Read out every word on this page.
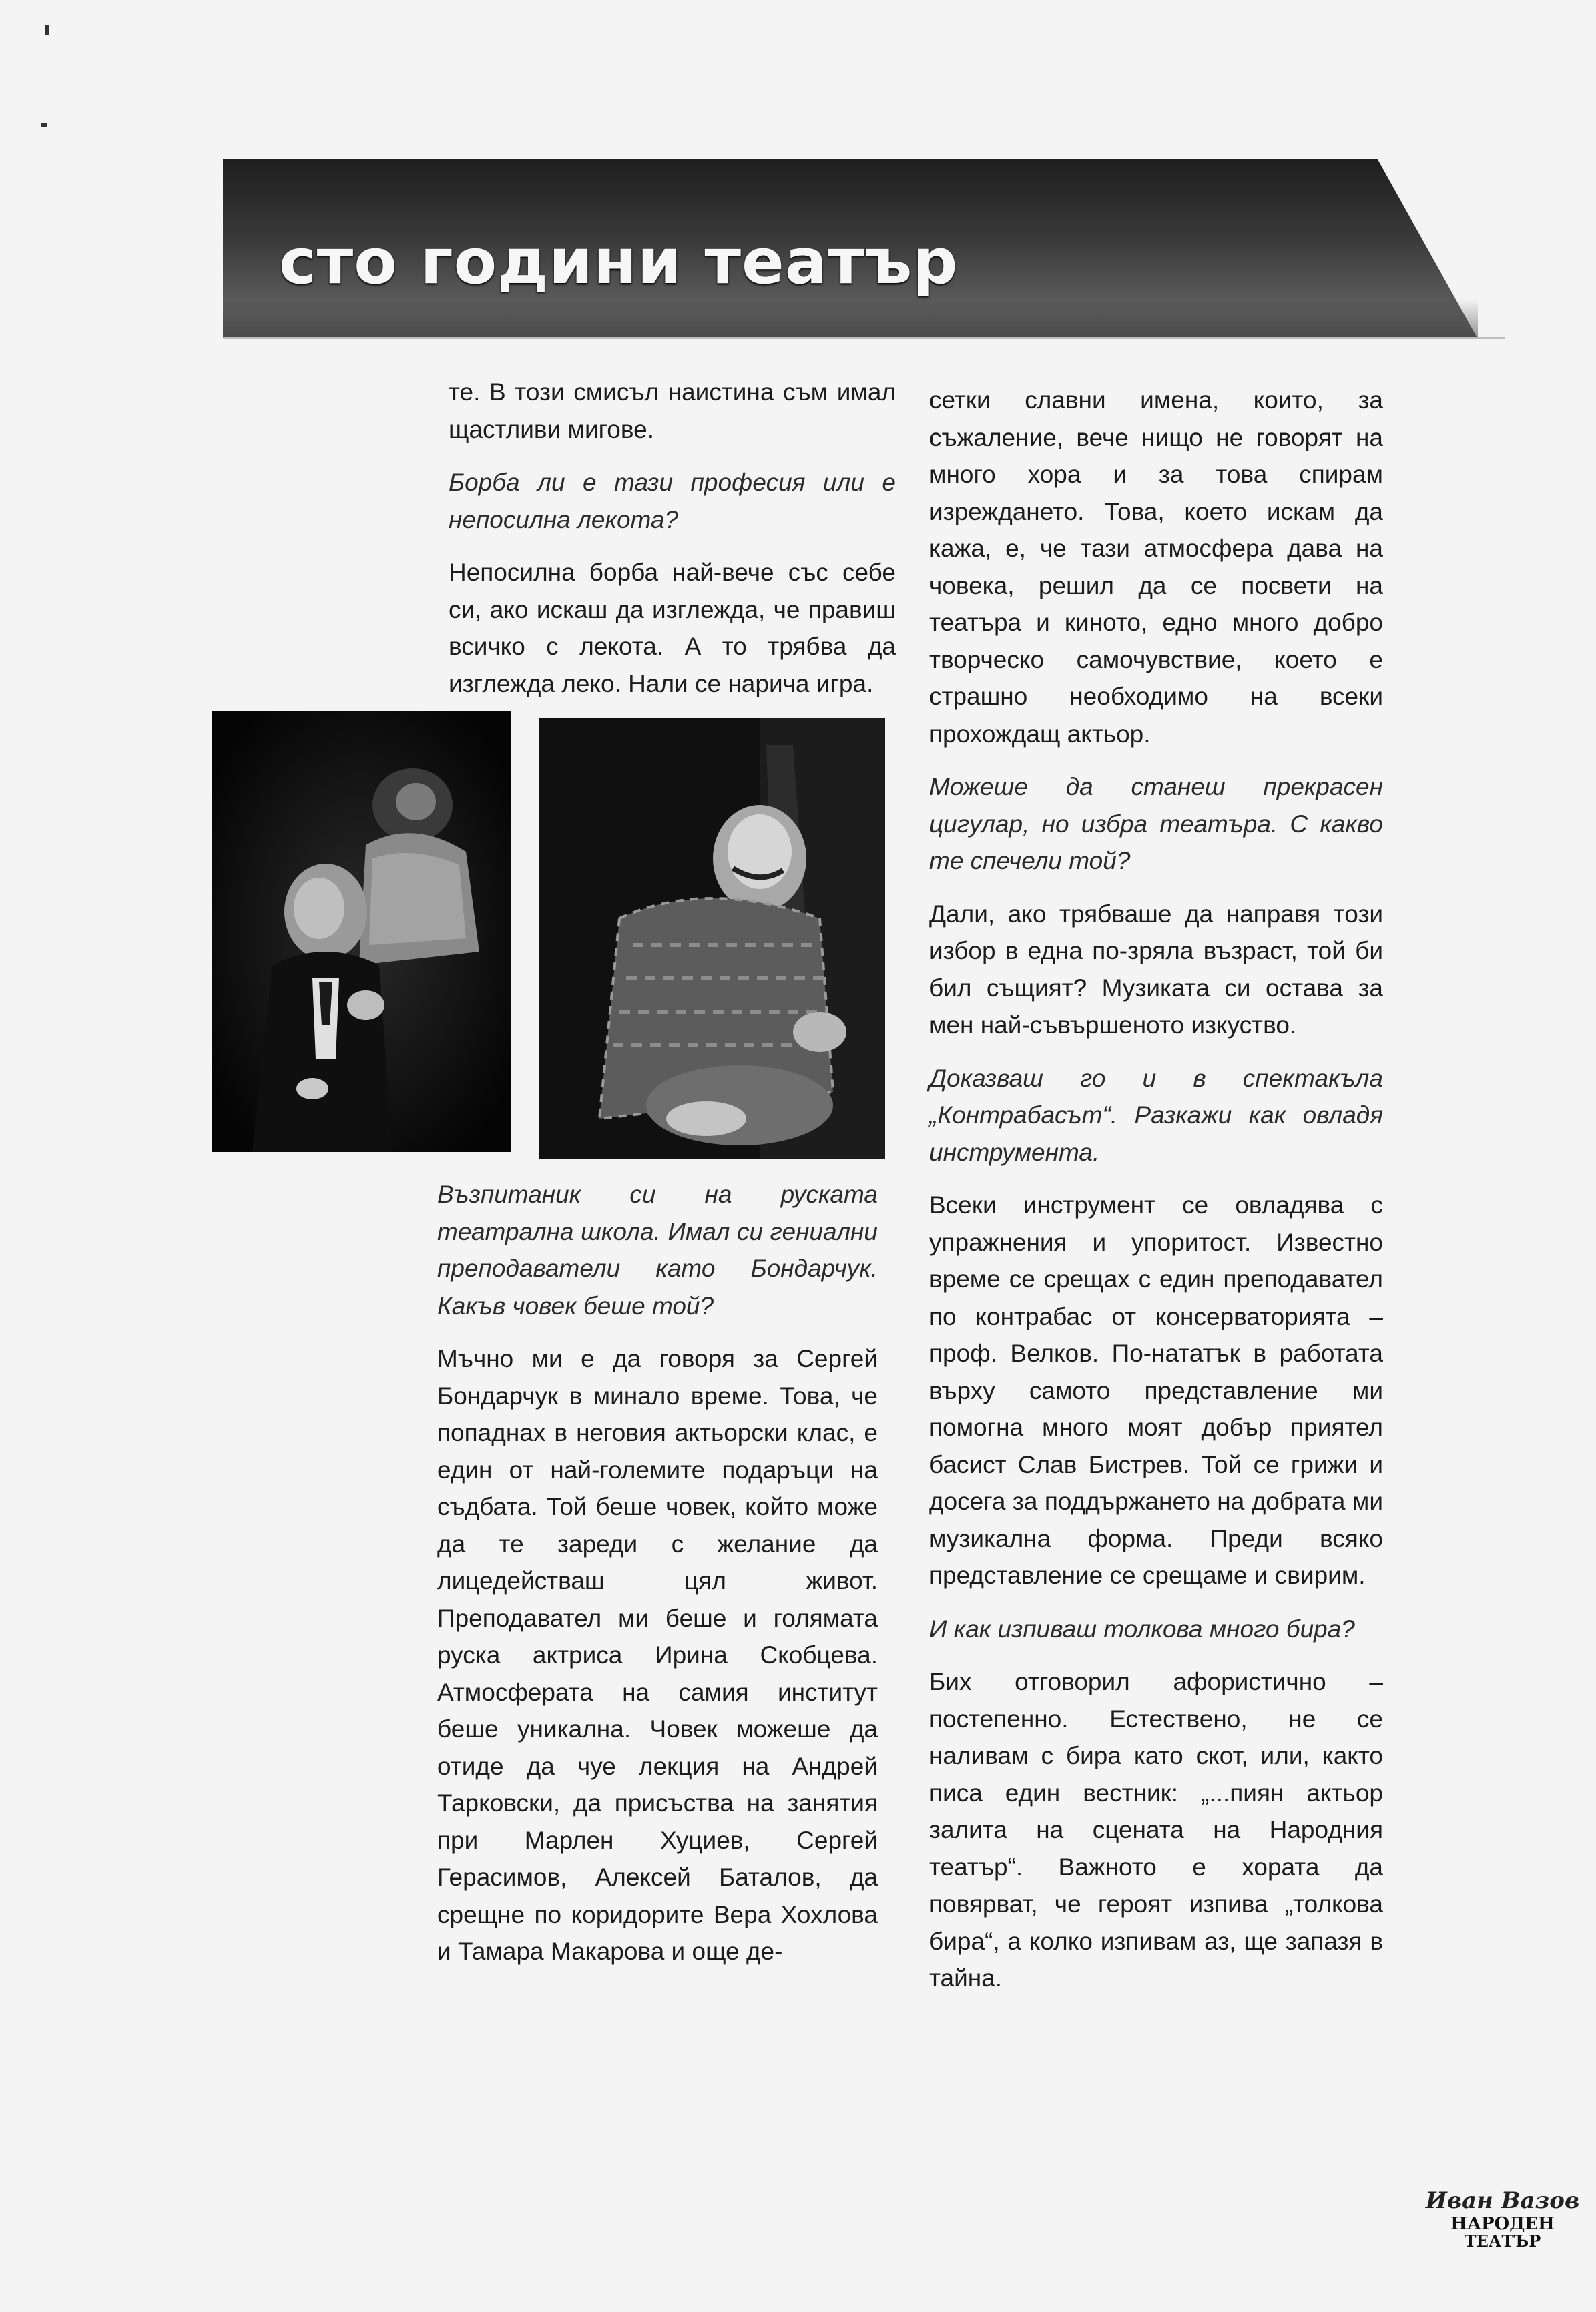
сто години театър

те. В този смисъл наистина съм имал щастливи мигове.

Борба ли е тази професия или е непосилна лекота?

Непосилна борба най-вече със себе си, ако искаш да изглежда, че правиш всичко с лекота. А то трябва да изглежда леко. Нали се нарича игра.

Възпитаник си на руската театрална школа. Имал си гениални преподаватели като Бондарчук. Какъв човек беше той?

Мъчно ми е да говоря за Сергей Бондарчук в минало време. Това, че попаднах в неговия актьорски клас, е един от най-големите подаръци на съдбата. Той беше човек, който може да те зареди с желание да лицедействаш цял живот. Преподавател ми беше и голямата руска актриса Ирина Скобцева. Атмосферата на самия институт беше уникална. Човек можеше да отиде да чуе лекция на Андрей Тарковски, да присъства на занятия при Марлен Хуциев, Сергей Герасимов, Алексей Баталов, да срещне по коридорите Вера Хохлова и Тамара Макарова и още де-

сетки славни имена, които, за съжаление, вече нищо не говорят на много хора и за това спирам изреждането. Това, което искам да кажа, е, че тази атмосфера дава на човека, решил да се посвети на театъра и киното, едно много добро творческо самочувствие, което е страшно необходимо на всеки прохождащ актьор.

Можеше да станеш прекрасен цигулар, но избра театъра. С какво те спечели той?

Дали, ако трябваше да направя този избор в една по-зряла възраст, той би бил същият? Музиката си остава за мен най-съвършеното изкуство.

Доказваш го и в спектакъла „Контрабасът“. Разкажи как овладя инструмента.

Всеки инструмент се овладява с упражнения и упоритост. Известно време се срещах с един преподавател по контрабас от консерваторията – проф. Велков. По-нататък в работата върху самото представление ми помогна много моят добър приятел басист Слав Бистрев. Той се грижи и досега за поддържането на добрата ми музикална форма. Преди всяко представление се срещаме и свирим.

И как изпиваш толкова много бира?

Бих отговорил афористично – постепенно. Естествено, не се наливам с бира като скот, или, както писа един вестник: „...пиян актьор залита на сцената на Народния театър“. Важното е хората да повярват, че героят изпива „толкова бира“, а колко изпивам аз, ще запазя в тайна.

Иван Вазов
НАРОДЕН
ТЕАТЪР
